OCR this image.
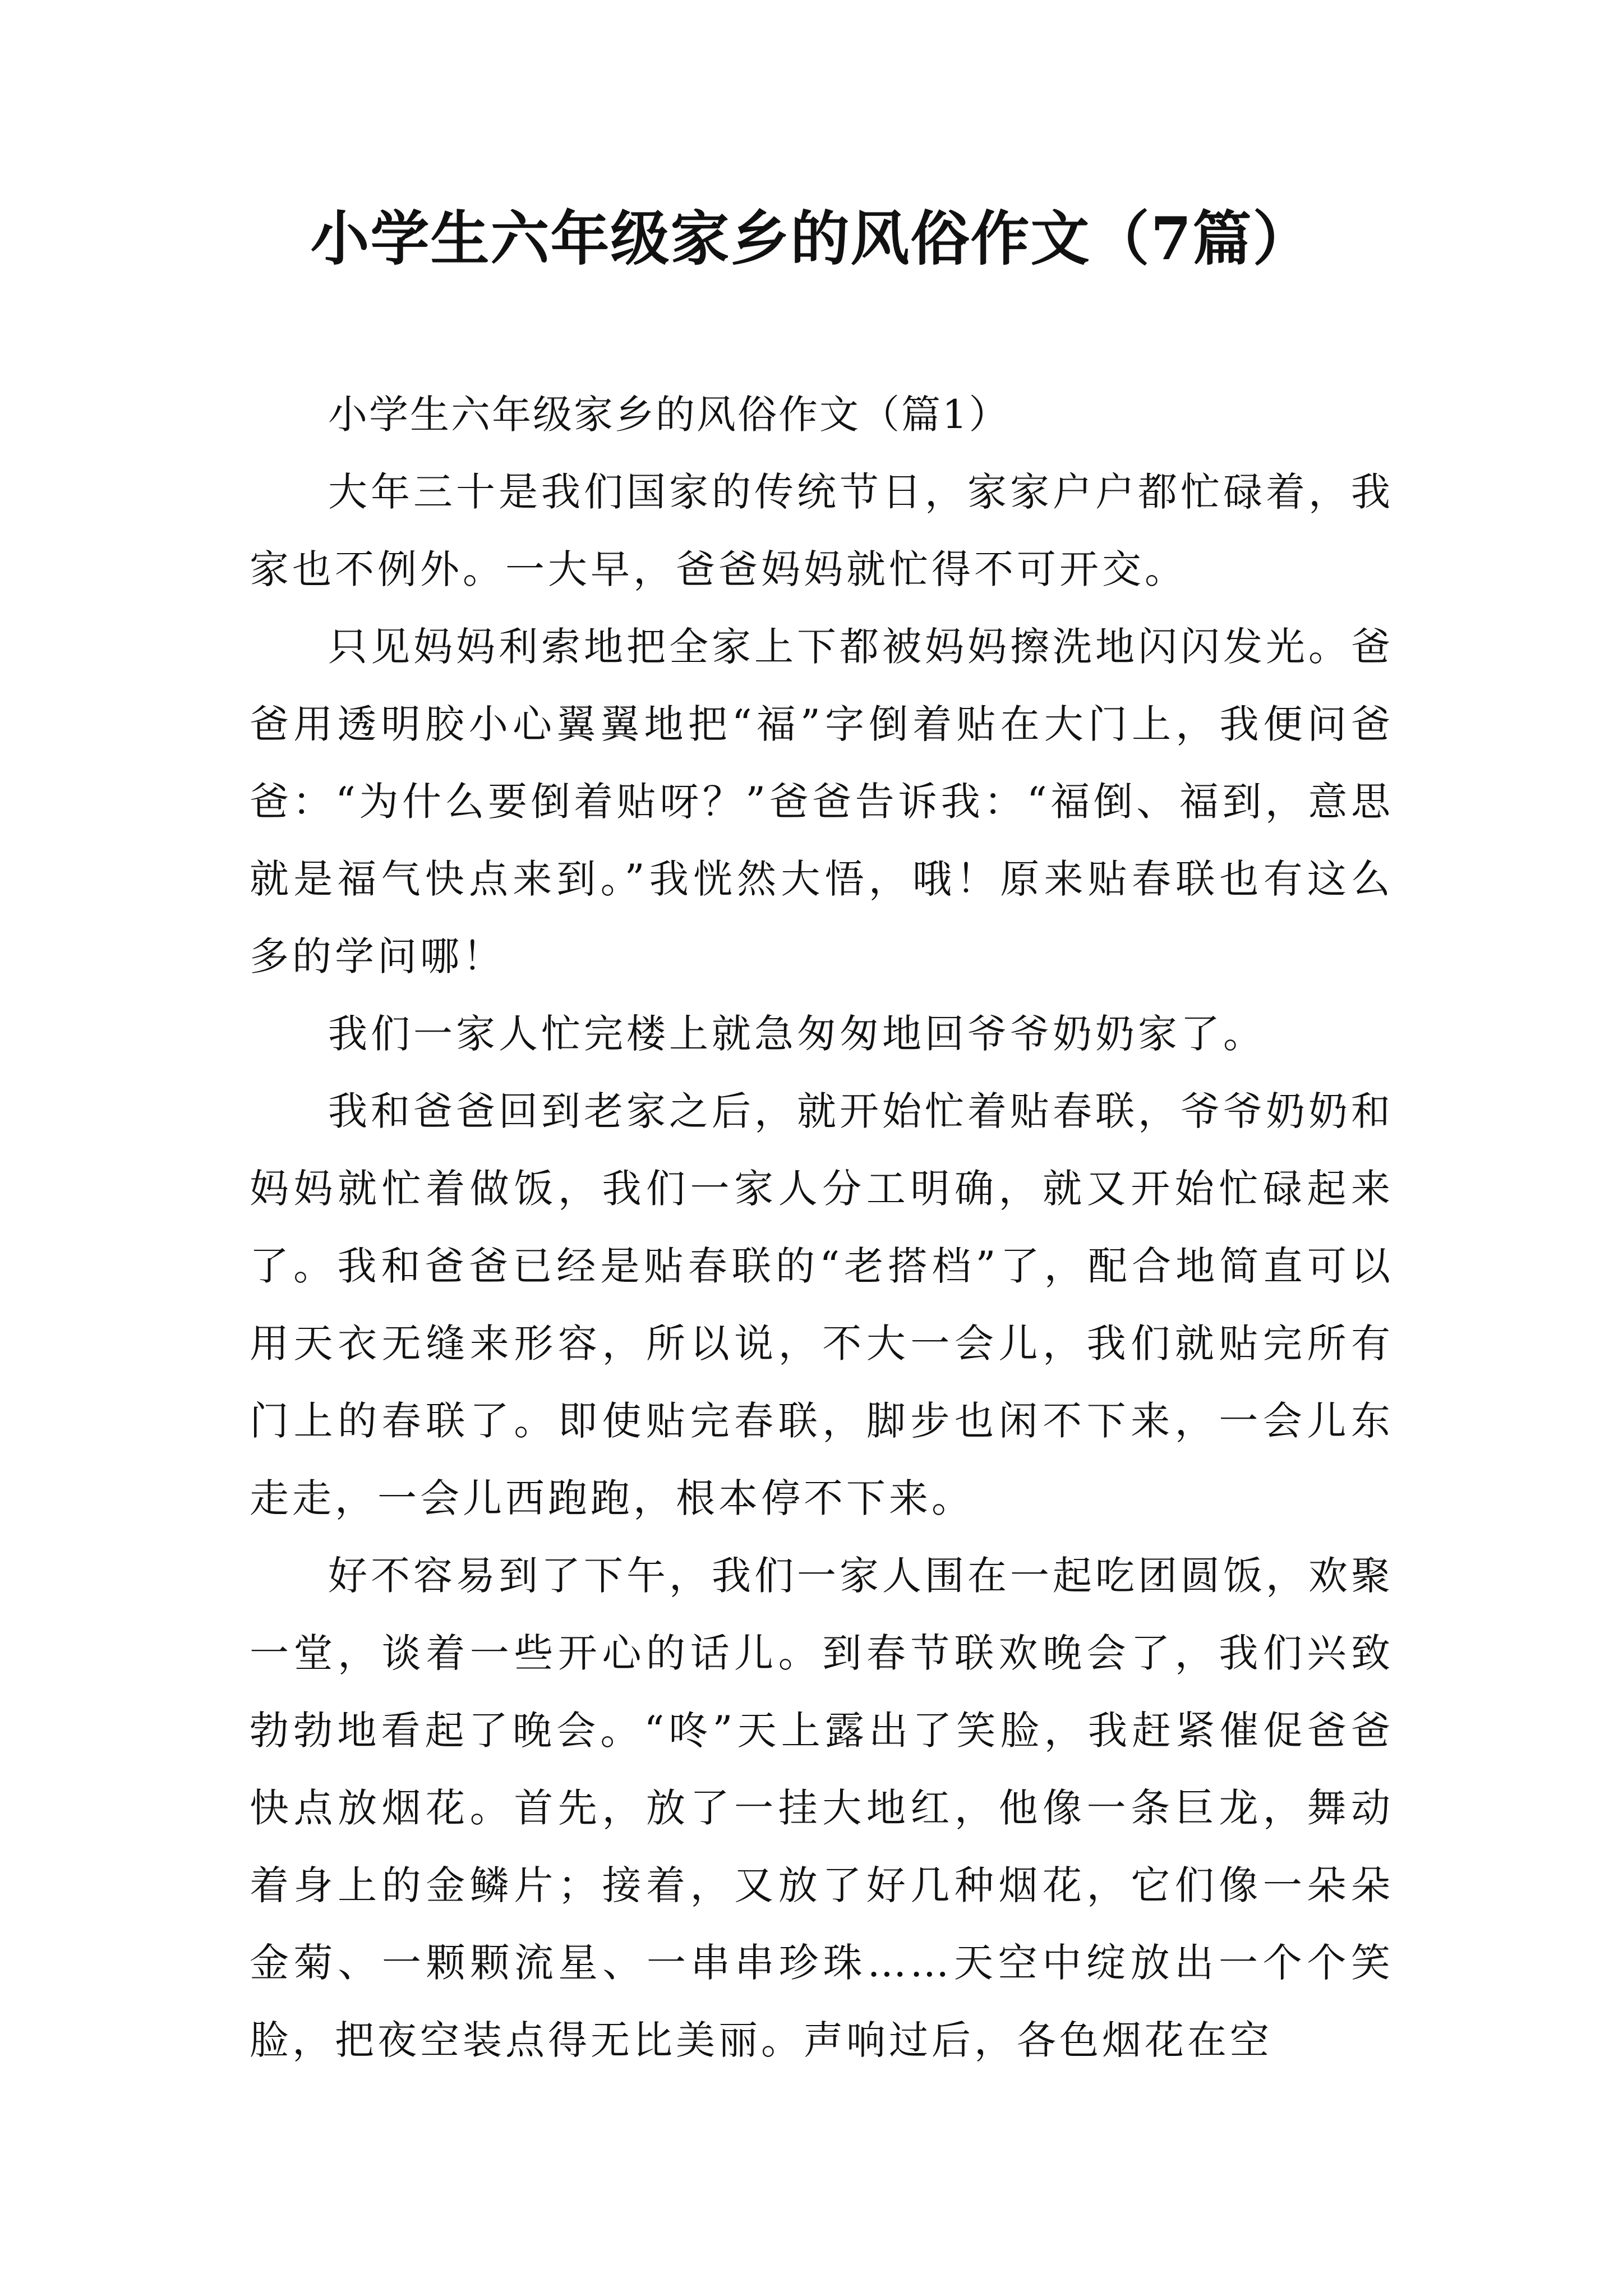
小学生六年级家乡的风俗作文（7篇）

小学生六年级家乡的风俗作文（篇1）

大年三十是我们国家的传统节日，家家户户都忙碌着，我家也不例外。一大早，爸爸妈妈就忙得不可开交。

只见妈妈利索地把全家上下都被妈妈擦洗地闪闪发光。爸爸用透明胶小心翼翼地把“福”字倒着贴在大门上，我便问爸爸：“为什么要倒着贴呀？”爸爸告诉我：“福倒、福到，意思就是福气快点来到。”我恍然大悟，哦！原来贴春联也有这么多的学问哪！

我们一家人忙完楼上就急匆匆地回爷爷奶奶家了。

我和爸爸回到老家之后，就开始忙着贴春联，爷爷奶奶和妈妈就忙着做饭，我们一家人分工明确，就又开始忙碌起来了。我和爸爸已经是贴春联的“老搭档”了，配合地简直可以用天衣无缝来形容，所以说，不大一会儿，我们就贴完所有门上的春联了。即使贴完春联，脚步也闲不下来，一会儿东走走，一会儿西跑跑，根本停不下来。

好不容易到了下午，我们一家人围在一起吃团圆饭，欢聚一堂，谈着一些开心的话儿。到春节联欢晚会了，我们兴致勃勃地看起了晚会。“咚”天上露出了笑脸，我赶紧催促爸爸快点放烟花。首先，放了一挂大地红，他像一条巨龙，舞动着身上的金鳞片；接着，又放了好几种烟花，它们像一朵朵金菊、一颗颗流星、一串串珍珠……天空中绽放出一个个笑脸，把夜空装点得无比美丽。声响过后，各色烟花在空
